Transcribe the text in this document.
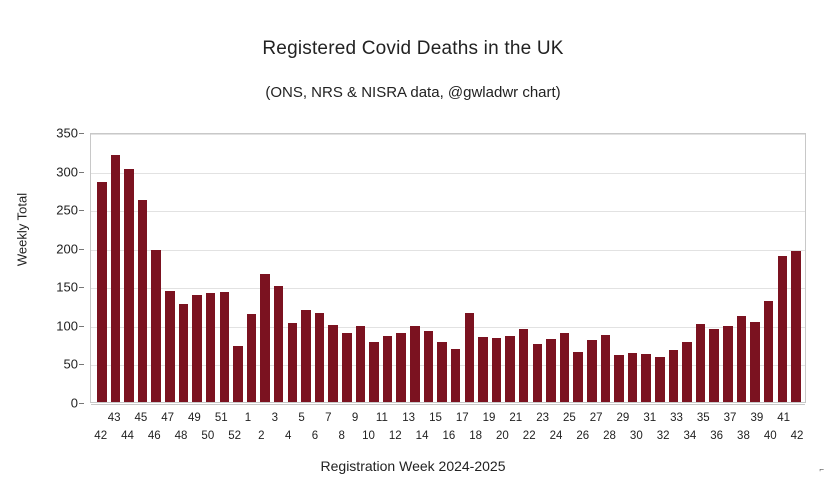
Registered Covid Deaths in the UK
(ONS, NRS & NISRA data, @gwladwr chart)
Weekly Total
0
50
100
150
200
250
300
350
43 45 47 49 51	1	3	5	7	9	11 13 15 17 19 21 23 25 27 29 31 33 35 37 39 41
42 44 46 48 50 52	2	4	6	8	10 12 14 16 18 20 22 24 26 28 30 32 34 36 38 40 42
Registration Week 2024-2025	⌐
